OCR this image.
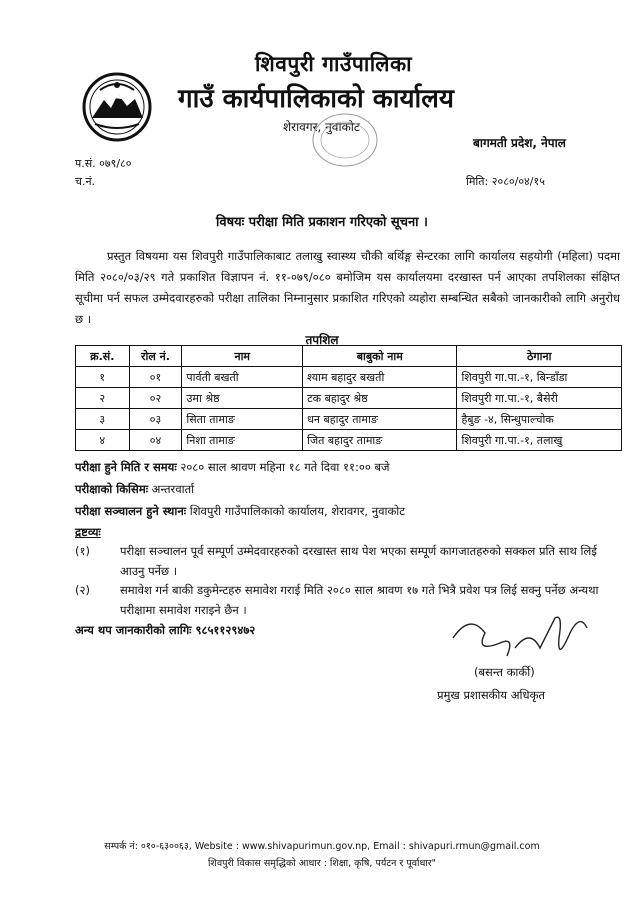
शिवपुरी गाउँपालिका
गाउँ कार्यपालिकाको कार्यालय
शेरावगर, नुवाकोट
बागमती प्रदेश, नेपाल
प.सं. ०७९/८०
च.नं.	मिति: २०८०/०४/१५
विषयः परीक्षा मिति प्रकाशन गरिएको सूचना ।
प्रस्तुत विषयमा यस शिवपुरी गाउँपालिकाबाट तलाखु स्वास्थ्य चौकी बर्थिङ्ग सेन्टरका लागि कार्यालय सहयोगी (महिला) पदमा मिति २०८०/०३/२९ गते प्रकाशित विज्ञापन नं. ११-०७९/०८० बमोजिम यस कार्यालयमा दरखास्त पर्न आएका तपशिलका संक्षिप्त सूचीमा पर्न सफल उम्मेदवारहरुको परीक्षा तालिका निम्नानुसार प्रकाशित गरिएको व्यहोरा सम्बन्धित सबैको जानकारीको लागि अनुरोध छ ।
तपशिल
क्र.सं.	रोल नं.	नाम	बाबुको नाम	ठेगाना
१	०१	पार्वती बखती	श्याम बहादुर बखती	शिवपुरी गा.पा.-१, बिन्डाँडा
२	०२	उमा श्रेष्ठ	टक बहादुर श्रेष्ठ	शिवपुरी गा.पा.-१, बैसेरी
३	०३	सिता तामाङ	धन बहादुर तामाङ	हैबुङ -४, सिन्धुपाल्चोक
४	०४	निशा तामाङ	जित बहादुर तामाङ	शिवपुरी गा.पा.-१, तलाखु
परीक्षा हुने मिति र समयः २०८० साल श्रावण महिना १८ गते दिवा ११:०० बजे
परीक्षाको किसिमः अन्तरवार्ता
परीक्षा सञ्चालन हुने स्थानः शिवपुरी गाउँपालिकाको कार्यालय, शेरावगर, नुवाकोट
द्रष्टव्यः
(१)	परीक्षा सञ्चालन पूर्व सम्पूर्ण उम्मेदवारहरुको दरखास्त साथ पेश भएका सम्पूर्ण कागजातहरुको सक्कल प्रति साथ लिई आउनु पर्नेछ ।
(२)	समावेश गर्न बाकी डकुमेन्टहरु समावेश गराई मिति २०८० साल श्रावण १७ गते भित्रै प्रवेश पत्र लिई सक्नु पर्नेछ अन्यथा परीक्षामा समावेश गराइने छैन ।
अन्य थप जानकारीको लागिः ९८५११२९४७२
(बसन्त कार्की)
प्रमुख प्रशासकीय अधिकृत
सम्पर्क नं: ०१०-६३००६३, Website : www.shivapurimun.gov.np, Email : shivapuri.rmun@gmail.com
शिवपुरी विकास समृद्धिको आधार : शिक्षा, कृषि, पर्यटन र पूर्वाधार"
